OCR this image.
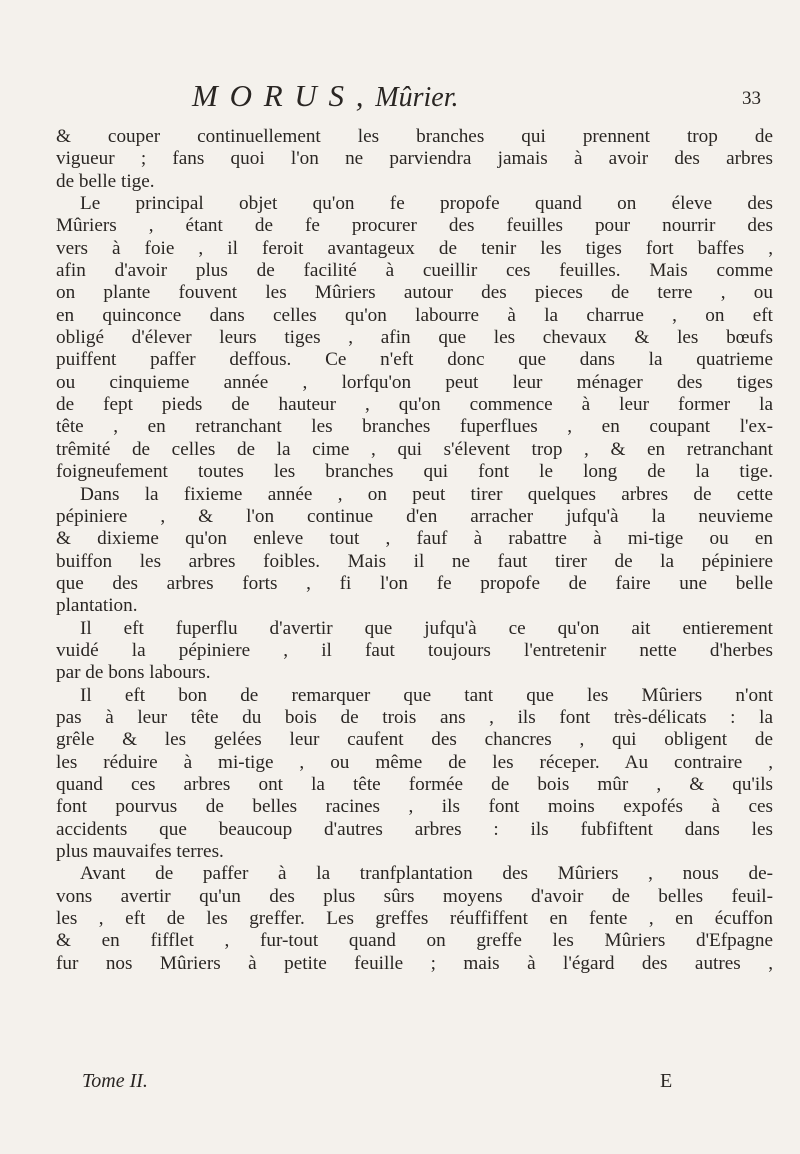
M O R U S , Mûrier.	33
& couper continuellement les branches qui prennent trop de
vigueur ; fans quoi l'on ne parviendra jamais à avoir des arbres
de belle tige.
Le principal objet qu'on fe propofe quand on éleve des
Mûriers , étant de fe procurer des feuilles pour nourrir des
vers à foie , il feroit avantageux de tenir les tiges fort baffes ,
afin d'avoir plus de facilité à cueillir ces feuilles. Mais comme
on plante fouvent les Mûriers autour des pieces de terre , ou
en quinconce dans celles qu'on labourre à la charrue , on eft
obligé d'élever leurs tiges , afin que les chevaux & les bœufs
puiffent paffer deffous. Ce n'eft donc que dans la quatrieme
ou cinquieme année , lorfqu'on peut leur ménager des tiges
de fept pieds de hauteur , qu'on commence à leur former la
tête , en retranchant les branches fuperflues , en coupant l'ex-
trêmité de celles de la cime , qui s'élevent trop , & en retranchant
foigneufement toutes les branches qui font le long de la tige.
Dans la fixieme année , on peut tirer quelques arbres de cette
pépiniere , & l'on continue d'en arracher jufqu'à la neuvieme
& dixieme qu'on enleve tout , fauf à rabattre à mi-tige ou en
buiffon les arbres foibles. Mais il ne faut tirer de la pépiniere
que des arbres forts , fi l'on fe propofe de faire une belle
plantation.
Il eft fuperflu d'avertir que jufqu'à ce qu'on ait entierement
vuidé la pépiniere , il faut toujours l'entretenir nette d'herbes
par de bons labours.
Il eft bon de remarquer que tant que les Mûriers n'ont
pas à leur tête du bois de trois ans , ils font très-délicats : la
grêle & les gelées leur caufent des chancres , qui obligent de
les réduire à mi-tige , ou même de les réceper. Au contraire ,
quand ces arbres ont la tête formée de bois mûr , & qu'ils
font pourvus de belles racines , ils font moins expofés à ces
accidents que beaucoup d'autres arbres : ils fubfiftent dans les
plus mauvaifes terres.
Avant de paffer à la tranfplantation des Mûriers , nous de-
vons avertir qu'un des plus sûrs moyens d'avoir de belles feuil-
les , eft de les greffer. Les greffes réuffiffent en fente , en écuffon
& en fifflet , fur-tout quand on greffe les Mûriers d'Efpagne
fur nos Mûriers à petite feuille ; mais à l'égard des autres ,
Tome II.	E
